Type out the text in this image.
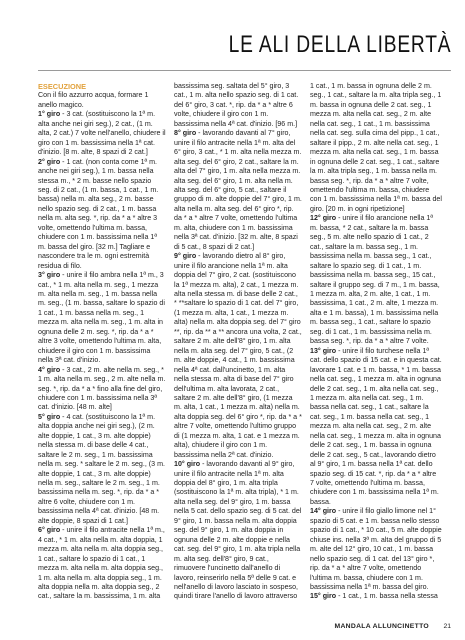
LE ALI DELLA LIBERTÀ

ESECUZIONE

Con il filo azzurro acqua, formare 1 anello magico.

1° giro - 3 cat. (sostituiscono la 1ª m. alta anche nei giri seg.), 2 cat., (1 m. alta, 2 cat.) 7 volte nell'anello, chiudere il giro con 1 m. bassissima nella 1ª cat. d'inizio. [8 m. alte, 8 spazi di 2 cat.]

2° giro - 1 cat. (non conta come 1ª m. anche nei giri seg.), 1 m. bassa nella stessa m., * 2 m. basse nello spazio seg. di 2 cat., (1 m. bassa, 1 cat., 1 m. bassa) nella m. alta seg., 2 m. basse nello spazio seg. di 2 cat., 1 m. bassa nella m. alta seg. *, rip. da * a * altre 3 volte, omettendo l'ultima m. bassa, chiudere con 1 m. bassissima nella 1ª m. bassa del giro. [32 m.] Tagliare e nascondere tra le m. ogni estremità residua di filo.

3° giro - unire il filo ambra nella 1ª m., 3 cat., * 1 m. alta nella m. seg., 1 mezza m. alta nella m. seg., 1 m. bassa nella m. seg., (1 m. bassa, saltare lo spazio di 1 cat., 1 m. bassa nella m. seg., 1 mezza m. alta nella m. seg., 1 m. alta in ognuna delle 2 m. seg. *, rip. da * a * altre 3 volte, omettendo l'ultima m. alta, chiudere il giro con 1 m. bassissima nella 3ª cat. d'inizio.

4° giro - 3 cat., 2 m. alte nella m. seg., * 1 m. alta nella m. seg., 2 m. alte nella m. seg. *, rip. da * a * fino alla fine del giro, chiudere con 1 m. bassissima nella 3ª cat. d'inizio. [48 m. alte]

5° giro - 4 cat. (sostituiscono la 1ª m. alta doppia anche nei giri seg.), (2 m. alte doppie, 1 cat., 3 m. alte doppie) nella stessa m. di base delle 4 cat., saltare le 2 m. seg., 1 m. bassissima nella m. seg. * saltare le 2 m. seg., (3 m. alte doppie, 1 cat., 3 m. alte doppie) nella m. seg., saltare le 2 m. seg., 1 m. bassissima nella m. seg. *, rip. da * a * altre 6 volte, chiudere con 1 m. bassissima nella 4ª cat. d'inizio. [48 m. alte doppie, 8 spazi di 1 cat.]

6° giro - unire il filo antracite nella 1ª m., 4 cat., * 1 m. alta nella m. alta doppia, 1 mezza m. alta nella m. alta doppia seg., 1 cat., saltare lo spazio di 1 cat., 1 mezza m. alta nella m. alta doppia seg., 1 m. alta nella m. alta doppia seg., 1 m. alta doppia nella m. alta doppia seg., 2 cat., saltare la m. bassissima, 1 m. alta

bassissima seg. saltata del 5° giro, 3 cat., 1 m. alta nello spazio seg. di 1 cat. del 6° giro, 3 cat. *, rip. da * a * altre 6 volte, chiudere il giro con 1 m. bassissima nella 4ª cat. d'inizio. [96 m.]

8° giro - lavorando davanti al 7° giro, unire il filo antracite nella 1ª m. alta del 6° giro, 3 cat., * 1 m. alta nella mezza m. alta seg. del 6° giro, 2 cat., saltare la m. alta del 7° giro, 1 m. alta nella mezza m. alta seg. del 6° giro, 1 m. alta nella m. alta seg. del 6° giro, 5 cat., saltare il gruppo di m. alte doppie del 7° giro, 1 m. alta nella m. alta seg. del 6° giro *, rip. da * a * altre 7 volte, omettendo l'ultima m. alta, chiudere con 1 m. bassissima nella 3ª cat. d'inizio. [32 m. alte, 8 spazi di 5 cat., 8 spazi di 2 cat.]

9° giro - lavorando dietro al 8° giro, unire il filo arancione nella 1ª m. alta doppia del 7° giro, 2 cat. (sostituiscono la 1ª mezza m. alta), 2 cat., 1 mezza m. alta nella stessa m. di base delle 2 cat., * **saltare lo spazio di 1 cat. del 7° giro, (1 mezza m. alta, 1 cat., 1 mezza m. alta) nella m. alta doppia seg. del 7° giro **, rip. da ** a ** ancora una volta, 2 cat., saltare 2 m. alte dell'8° giro, 1 m. alta nella m. alta seg. del 7° giro, 5 cat., (2 m. alte doppie, 4 cat., 1 m. bassissima nella 4ª cat. dall'uncinetto, 1 m. alta nella stessa m. alta di base del 7° giro dell'ultima m. alta lavorata, 2 cat., saltare 2 m. alte dell'8° giro, (1 mezza m. alta, 1 cat., 1 mezza m. alta) nella m. alta doppia seg. del 6° giro *, rip. da * a * altre 7 volte, omettendo l'ultimo gruppo di (1 mezza m. alta, 1 cat. e 1 mezza m. alta), chiudere il giro con 1 m. bassissima nella 2ª cat. d'inizio.

10° giro - lavorando davanti al 9° giro, unire il filo antracite nella 1ª m. alta doppia del 8° giro, 1 m. alta tripla (sostituiscono la 1ª m. alta tripla), * 1 m. alta nella seg. del 9° giro, 1 m. bassa nella 5 cat. dello spazio seg. di 5 cat. del 9° giro, 1 m. bassa nella m. alta doppia seg. del 9° giro, 1 m. alta doppia in ognuna delle 2 m. alte doppie e nella cat. seg. del 9° giro, 1 m. alta tripla nella m. alta seg. dell'8° giro, 9 cat., rimuovere l'uncinetto dall'anello di lavoro, reinserirlo nella 5ª delle 9 cat. e nell'anello di lavoro lasciato in sospeso, quindi tirare l'anello di lavoro attraverso

1 cat., 1 m. bassa in ognuna delle 2 m. seg., 1 cat., saltare la m. alta tripla seg., 1 m. bassa in ognuna delle 2 cat. seg., 1 mezza m. alta nella cat. seg., 2 m. alte nella cat. seg., 1 cat., 1 m. bassissima nella cat. seg. sulla cima del pipp., 1 cat., saltare il pipp., 2 m. alte nella cat. seg., 1 mezza m. alta nella cat. seg., 1 m. bassa in ognuna delle 2 cat. seg., 1 cat., saltare la m. alta tripla seg., 1 m. bassa nella m. bassa seg. *, rip. da * a * altre 7 volte, omettendo l'ultima m. bassa, chiudere con 1 m. bassissima nella 1ª m. bassa del giro. [20 m. in ogni ripetizione]

12° giro - unire il filo arancione nella 1ª m. bassa, * 2 cat., saltare la m. bassa seg., 5 m. alte nello spazio di 1 cat., 2 cat., saltare la m. bassa seg., 1 m. bassissima nella m. bassa seg., 1 cat., saltare lo spazio seg. di 1 cat., 1 m. bassissima nella m. bassa seg., 15 cat., saltare il gruppo seg. di 7 m., 1 m. bassa, 1 mezza m. alta, 2 m. alte, 1 cat., 1 m. bassissima, 1 cat., 2 m. alte, 1 mezza m. alta e 1 m. bassa), 1 m. bassissima nella m. bassa seg., 1 cat., saltare lo spazio seg. di 1 cat., 1 m. bassissima nella m. bassa seg. *, rip. da * a * altre 7 volte.

13° giro - unire il filo turchese nella 1ª cat. dello spazio di 15 cat. e in questa cat. lavorare 1 cat. e 1 m. bassa, * 1 m. bassa nella cat. seg., 1 mezza m. alta in ognuna delle 2 cat. seg., 1 m. alta nella cat. seg., 1 mezza m. alta nella cat. seg., 1 m. bassa nella cat. seg., 1 cat., saltare la cat. seg., 1 m. bassa nella cat. seg., 1 mezza m. alta nella cat. seg., 2 m. alte nella cat. seg., 1 mezza m. alta in ognuna delle 2 cat. seg., 1 m. bassa in ognuna delle 2 cat. seg., 5 cat., lavorando dietro al 9° giro, 1 m. bassa nella 1ª cat. dello spazio seg. di 15 cat. *, rip. da * a * altre 7 volte, omettendo l'ultima m. bassa, chiudere con 1 m. bassissima nella 1ª m. bassa.

14° giro - unire il filo giallo limone nel 1° spazio di 5 cat. e 1 m. bassa nello stesso spazio di 1 cat., * 10 cat., 5 m. alte doppie chiuse ins. nella 3ª m. alta del gruppo di 5 m. alte del 12° giro, 10 cat., 1 m. bassa nello spazio seg. di 1 cat. del 13° giro *, rip. da * a * altre 7 volte, omettendo l'ultima m. bassa, chiudere con 1 m. bassissima nella 1ª m. bassa del giro.

15° giro - 1 cat., 1 m. bassa nella stessa

MANDALA ALLUNCINETTO 21
